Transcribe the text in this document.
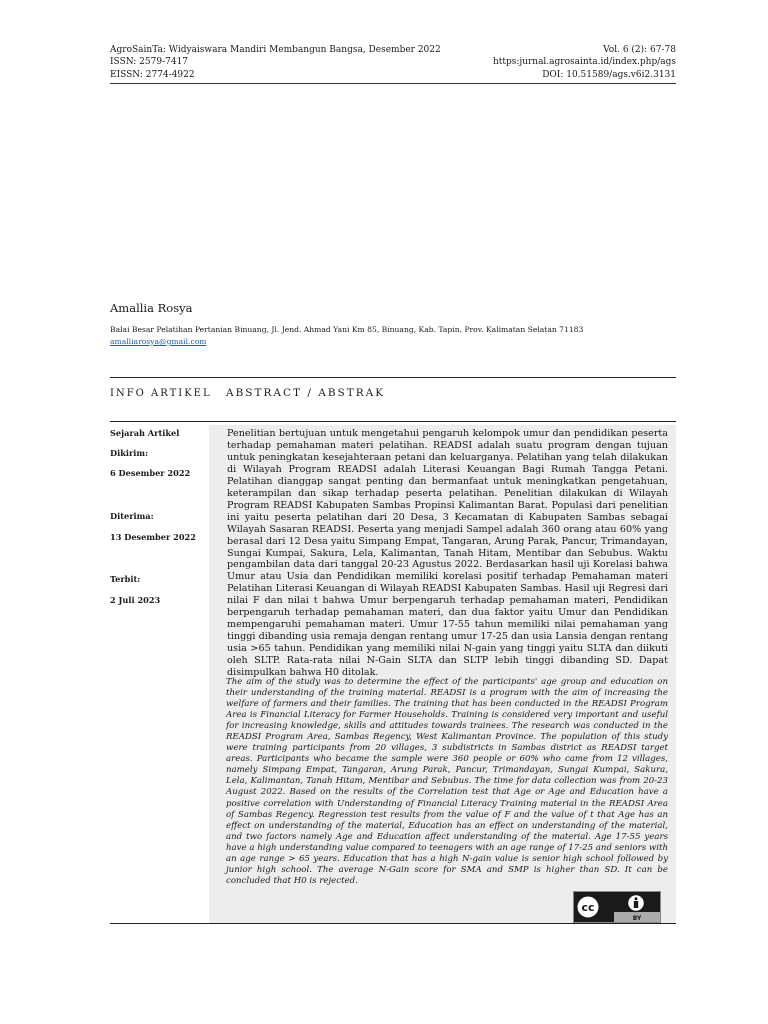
AgroSainTa: Widyaiswara Mandiri Membangun Bangsa, Desember 2022
ISSN: 2579-7417
EISSN: 2774-4922
Vol. 6 (2): 67-78
https:jurnal.agrosainta.id/index.php/ags
DOI: 10.51589/ags.v6i2.3131
Amallia Rosya
Balai Besar Pelatihan Pertanian Binuang, Jl. Jend. Ahmad Yani Km 85, Binuang, Kab. Tapin, Prov. Kalimatan Selatan 71183
amalliarosya@gmail.com
INFO ARTIKEL ABSTRACT / ABSTRAK
Sejarah Artikel
Dikirim:
6 Desember 2022
Diterima:
13 Desember 2022
Terbit:
2 Juli 2023
Penelitian bertujuan untuk mengetahui pengaruh kelompok umur dan pendidikan peserta terhadap pemahaman materi pelatihan. READSI adalah suatu program dengan tujuan untuk peningkatan kesejahteraan petani dan keluarganya. Pelatihan yang telah dilakukan di Wilayah Program READSI adalah Literasi Keuangan Bagi Rumah Tangga Petani. Pelatihan dianggap sangat penting dan bermanfaat untuk meningkatkan pengetahuan, keterampilan dan sikap terhadap peserta pelatihan. Penelitian dilakukan di Wilayah Program READSI Kabupaten Sambas Propinsi Kalimantan Barat. Populasi dari penelitian ini yaitu peserta pelatihan dari 20 Desa, 3 Kecamatan di Kabupaten Sambas sebagai Wilayah Sasaran READSI. Peserta yang menjadi Sampel adalah 360 orang atau 60% yang berasal dari 12 Desa yaitu Simpang Empat, Tangaran, Arung Parak, Pancur, Trimandayan, Sungai Kumpai, Sakura, Lela, Kalimantan, Tanah Hitam, Mentibar dan Sebubus. Waktu pengambilan data dari tanggal 20-23 Agustus 2022. Berdasarkan hasil uji Korelasi bahwa Umur atau Usia dan Pendidikan memiliki korelasi positif terhadap Pemahaman materi Pelatihan Literasi Keuangan di Wilayah READSI Kabupaten Sambas. Hasil uji Regresi dari nilai F dan nilai t bahwa Umur berpengaruh terhadap pemahaman materi, Pendidikan berpengaruh terhadap pemahaman materi, dan dua faktor yaitu Umur dan Pendidikan mempengaruhi pemahaman materi. Umur 17-55 tahun memiliki nilai pemahaman yang tinggi dibanding usia remaja dengan rentang umur 17-25 dan usia Lansia dengan rentang usia >65 tahun. Pendidikan yang memiliki nilai N-gain yang tinggi yaitu SLTA dan diikuti oleh SLTP. Rata-rata nilai N-Gain SLTA dan SLTP lebih tinggi dibanding SD. Dapat disimpulkan bahwa H0 ditolak.
The aim of the study was to determine the effect of the participants' age group and education on their understanding of the training material. READSI is a program with the aim of increasing the welfare of farmers and their families. The training that has been conducted in the READSI Program Area is Financial Literacy for Farmer Households. Training is considered very important and useful for increasing knowledge, skills and attitudes towards trainees. The research was conducted in the READSI Program Area, Sambas Regency, West Kalimantan Province. The population of this study were training participants from 20 villages, 3 subdistricts in Sambas district as READSI target areas. Participants who became the sample were 360 people or 60% who came from 12 villages, namely Simpang Empat, Tangaran, Arung Parak, Pancur, Trimandayan, Sungai Kumpai, Sakura, Lela, Kalimantan, Tanah Hitam, Mentibar and Sebubus. The time for data collection was from 20-23 August 2022. Based on the results of the Correlation test that Age or Age and Education have a positive correlation with Understanding of Financial Literacy Training material in the READSI Area of Sambas Regency. Regression test results from the value of F and the value of t that Age has an effect on understanding of the material, Education has an effect on understanding of the material, and two factors namely Age and Education affect understanding of the material. Age 17-55 years have a high understanding value compared to teenagers with an age range of 17-25 and seniors with an age range > 65 years. Education that has a high N-gain value is senior high school followed by junior high school. The average N-Gain score for SMA and SMP is higher than SD. It can be concluded that H0 is rejected.
cc
BY
